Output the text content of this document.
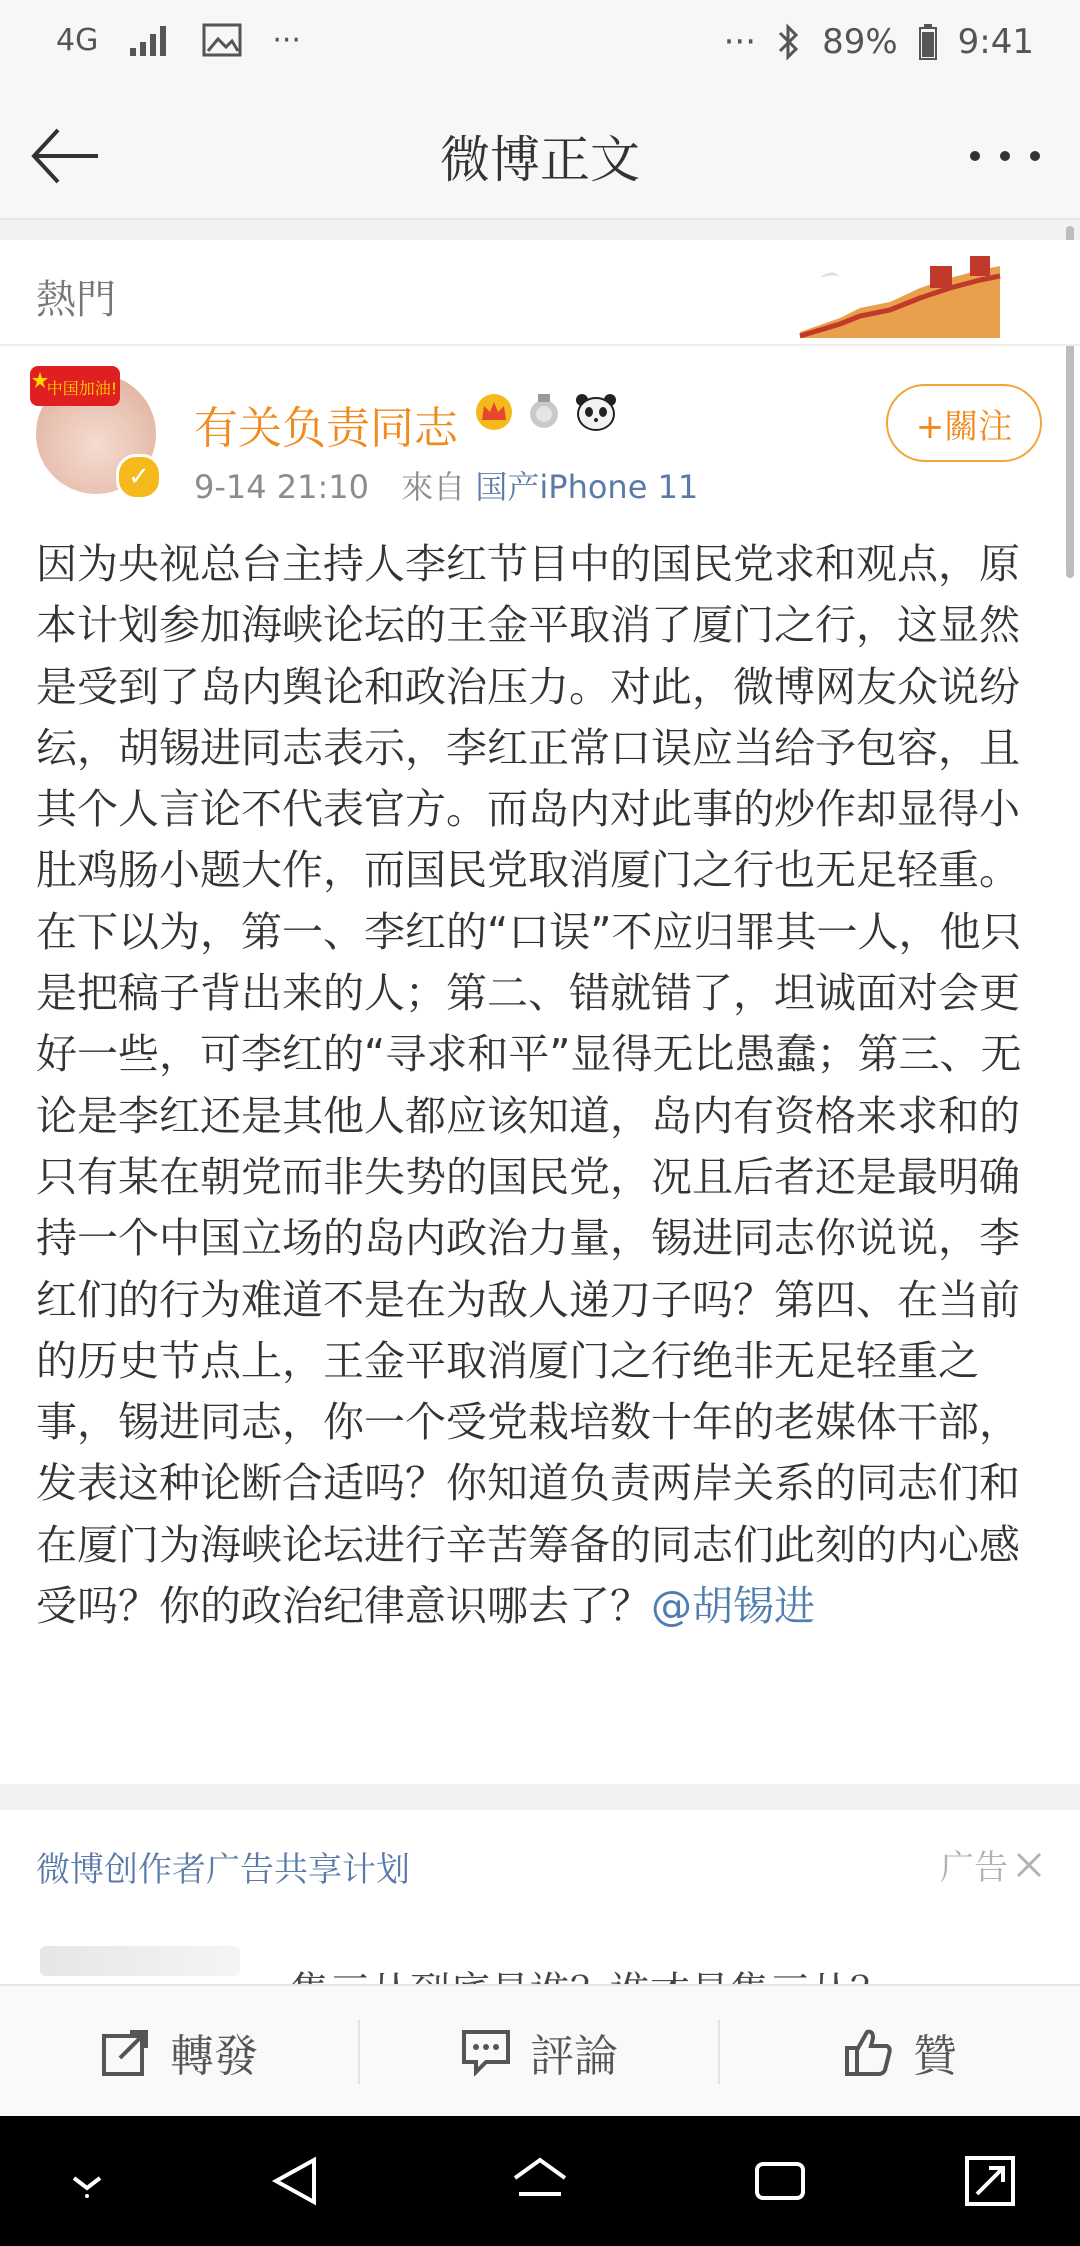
4G	···	··· 89% 9:41
微博正文
熱門
中国加油!
✓
有关负责同志
9-14 21:10 來自 国产iPhone 11
+關注
因为央视总台主持人李红节目中的国民党求和观点，原本计划参加海峡论坛的王金平取消了厦门之行，这显然是受到了岛内舆论和政治压力。对此，微博网友众说纷纭，胡锡进同志表示，李红正常口误应当给予包容，且其个人言论不代表官方。而岛内对此事的炒作却显得小肚鸡肠小题大作，而国民党取消厦门之行也无足轻重。在下以为，第一、李红的“口误”不应归罪其一人，他只是把稿子背出来的人；第二、错就错了，坦诚面对会更好一些，可李红的“寻求和平”显得无比愚蠢；第三、无论是李红还是其他人都应该知道，岛内有资格来求和的只有某在朝党而非失势的国民党，况且后者还是最明确持一个中国立场的岛内政治力量，锡进同志你说说，李红们的行为难道不是在为敌人递刀子吗？第四、在当前的历史节点上，王金平取消厦门之行绝非无足轻重之事，锡进同志，你一个受党栽培数十年的老媒体干部，发表这种论断合适吗？你知道负责两岸关系的同志们和在厦门为海峡论坛进行辛苦筹备的同志们此刻的内心感受吗？你的政治纪律意识哪去了？@胡锡进
微博创作者广告共享计划	广告
轉發	評論	贊
